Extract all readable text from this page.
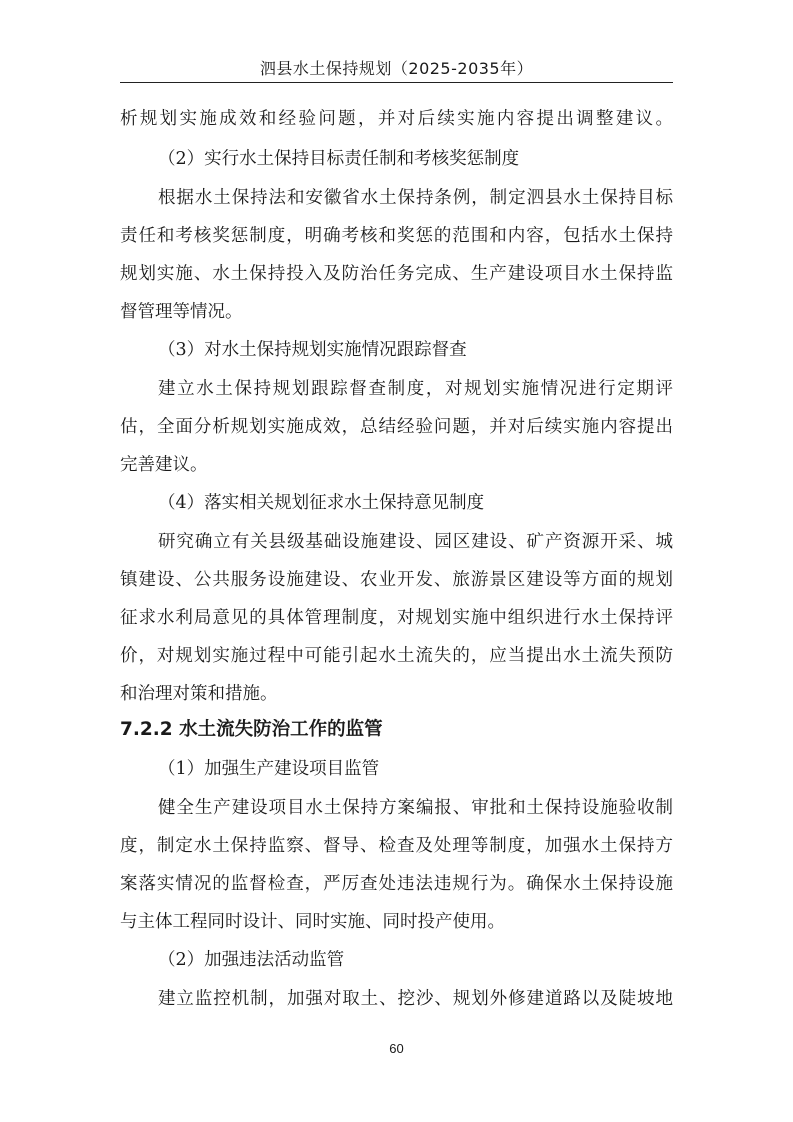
泗县水土保持规划（2025-2035年）
析规划实施成效和经验问题，并对后续实施内容提出调整建议。
（2）实行水土保持目标责任制和考核奖惩制度
根据水土保持法和安徽省水土保持条例，制定泗县水土保持目标
责任和考核奖惩制度，明确考核和奖惩的范围和内容，包括水土保持
规划实施、水土保持投入及防治任务完成、生产建设项目水土保持监
督管理等情况。
（3）对水土保持规划实施情况跟踪督查
建立水土保持规划跟踪督查制度，对规划实施情况进行定期评
估，全面分析规划实施成效，总结经验问题，并对后续实施内容提出
完善建议。
（4）落实相关规划征求水土保持意见制度
研究确立有关县级基础设施建设、园区建设、矿产资源开采、城
镇建设、公共服务设施建设、农业开发、旅游景区建设等方面的规划
征求水利局意见的具体管理制度，对规划实施中组织进行水土保持评
价，对规划实施过程中可能引起水土流失的，应当提出水土流失预防
和治理对策和措施。
7.2.2 水土流失防治工作的监管
（1）加强生产建设项目监管
健全生产建设项目水土保持方案编报、审批和土保持设施验收制
度，制定水土保持监察、督导、检查及处理等制度，加强水土保持方
案落实情况的监督检查，严厉查处违法违规行为。确保水土保持设施
与主体工程同时设计、同时实施、同时投产使用。
（2）加强违法活动监管
建立监控机制，加强对取土、挖沙、规划外修建道路以及陡坡地
60
